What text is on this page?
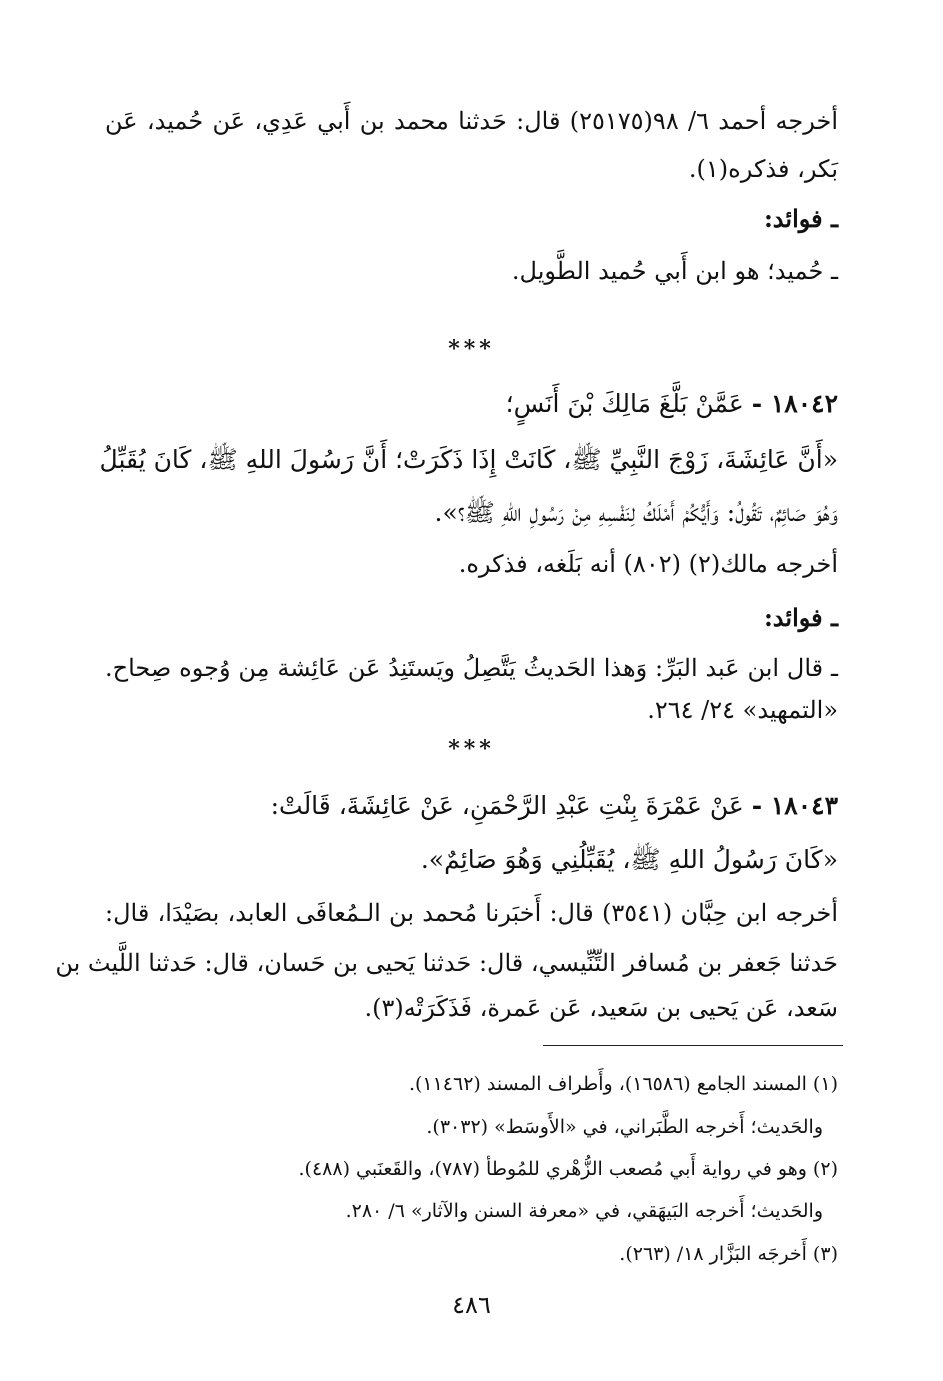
أخرجه أحمد ٦/ ٩٨(٢٥١٧٥) قال: حَدثنا محمد بن أَبي عَدِي، عَن حُميد، عَن
بَكر، فذكره(١).
ـ فوائد:
ـ حُميد؛ هو ابن أَبي حُميد الطَّويل.
***
١٨٠٤٢ - عَمَّنْ بَلَّغَ مَالِكَ بْنَ أَنَسٍ؛
«أَنَّ عَائِشَةَ، زَوْجَ النَّبِيِّ ﷺ، كَانَتْ إِذَا ذَكَرَتْ؛ أَنَّ رَسُولَ اللهِ ﷺ، كَانَ يُقَبِّلُ
وَهُوَ صَائِمٌ، تَقُولُ: وَأَيُّكُمْ أَمْلَكُ لِنَفْسِهِ مِنْ رَسُولِ اللهِ ﷺ؟».
أخرجه مالك(٢) (٨٠٢) أنه بَلَغه، فذكره.
ـ فوائد:
ـ قال ابن عَبد البَرِّ: وَهذا الحَديثُ يَتَّصِلُ ويَستَنِدُ عَن عَائِشة مِن وُجوه صِحاح.
«التمهيد» ٢٤/ ٢٦٤.
***
١٨٠٤٣ - عَنْ عَمْرَةَ بِنْتِ عَبْدِ الرَّحْمَنِ، عَنْ عَائِشَةَ، قَالَتْ:
«كَانَ رَسُولُ اللهِ ﷺ، يُقَبِّلُنِي وَهُوَ صَائِمٌ».
أخرجه ابن حِبَّان (٣٥٤١) قال: أَخبَرنا مُحمد بن الـمُعافَى العابد، بصَيْدَا، قال:
حَدثنا جَعفر بن مُسافر التِّنِّيسي، قال: حَدثنا يَحيى بن حَسان، قال: حَدثنا اللَّيث بن
سَعد، عَن يَحيى بن سَعيد، عَن عَمرة، فَذَكَرَتْه(٣).
(١) المسند الجامع (١٦٥٨٦)، وأَطراف المسند (١١٤٦٢).
والحَديث؛ أَخرجه الطَّبَراني، في «الأَوسَط» (٣٠٣٢).
(٢) وهو في رواية أَبي مُصعب الزُّهْري للمُوطأ (٧٨٧)، والقَعنَبي (٤٨٨).
والحَديث؛ أَخرجه البَيهَقي، في «معرفة السنن والآثار» ٦/ ٢٨٠.
(٣) أَخرجَه البَزَّار ١٨/ (٢٦٣).
٤٨٦
